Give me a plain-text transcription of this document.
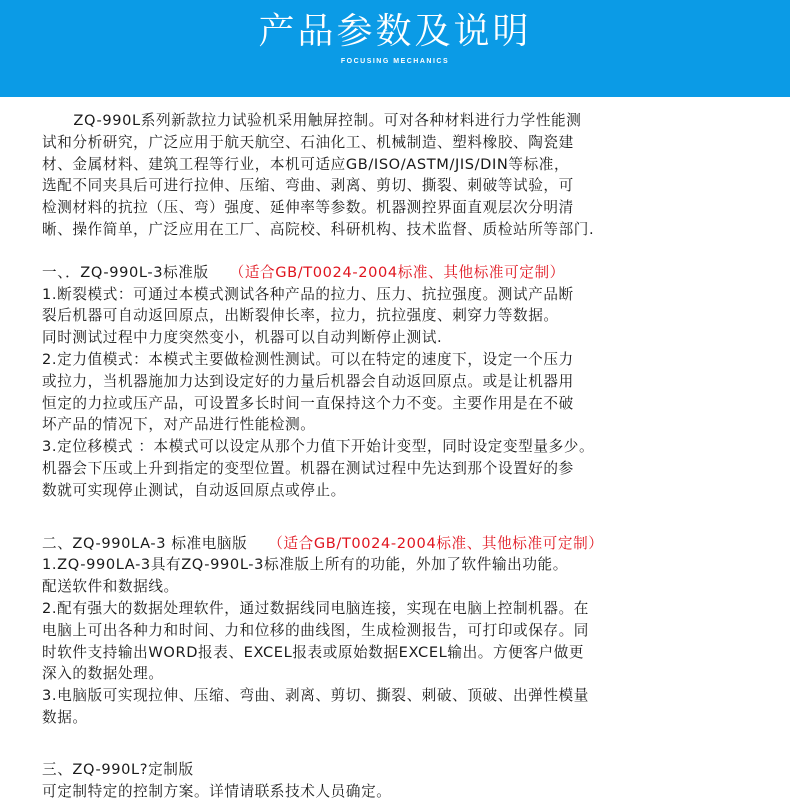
产品参数及说明
FOCUSING MECHANICS

ZQ-990L系列新款拉力试验机采用触屏控制。可对各种材料进行力学性能测

试和分析研究，广泛应用于航天航空、石油化工、机械制造、塑料橡胶、陶瓷建

材、金属材料、建筑工程等行业，本机可适应GB/ISO/ASTM/JIS/DIN等标准，

选配不同夹具后可进行拉伸、压缩、弯曲、剥离、剪切、撕裂、刺破等试验，可

检测材料的抗拉（压、弯）强度、延伸率等参数。机器测控界面直观层次分明清

晰、操作简单，广泛应用在工厂、高院校、科研机构、技术监督、质检站所等部门.

一、．ZQ-990L-3标准版    （适合GB/T0024-2004标准、其他标准可定制）

1.断裂模式：可通过本模式测试各种产品的拉力、压力、抗拉强度。测试产品断

裂后机器可自动返回原点，出断裂伸长率，拉力，抗拉强度、刺穿力等数据。

同时测试过程中力度突然变小，机器可以自动判断停止测试.

2.定力值模式：本模式主要做检测性测试。可以在特定的速度下，设定一个压力

或拉力，当机器施加力达到设定好的力量后机器会自动返回原点。或是让机器用

恒定的力拉或压产品，可设置多长时间一直保持这个力不变。主要作用是在不破

坏产品的情况下，对产品进行性能检测。

3.定位移模式 ：本模式可以设定从那个力值下开始计变型，同时设定变型量多少。

机器会下压或上升到指定的变型位置。机器在测试过程中先达到那个设置好的参

数就可实现停止测试，自动返回原点或停止。

二、ZQ-990LA-3 标准电脑版    （适合GB/T0024-2004标准、其他标准可定制）

1.ZQ-990LA-3具有ZQ-990L-3标准版上所有的功能，外加了软件输出功能。

配送软件和数据线。

2.配有强大的数据处理软件，通过数据线同电脑连接，实现在电脑上控制机器。在

电脑上可出各种力和时间、力和位移的曲线图，生成检测报告，可打印或保存。同

时软件支持输出WORD报表、EXCEL报表或原始数据EXCEL输出。方便客户做更

深入的数据处理。

3.电脑版可实现拉伸、压缩、弯曲、剥离、剪切、撕裂、刺破、顶破、出弹性模量

数据。

三、ZQ-990L?定制版

可定制特定的控制方案。详情请联系技术人员确定。
